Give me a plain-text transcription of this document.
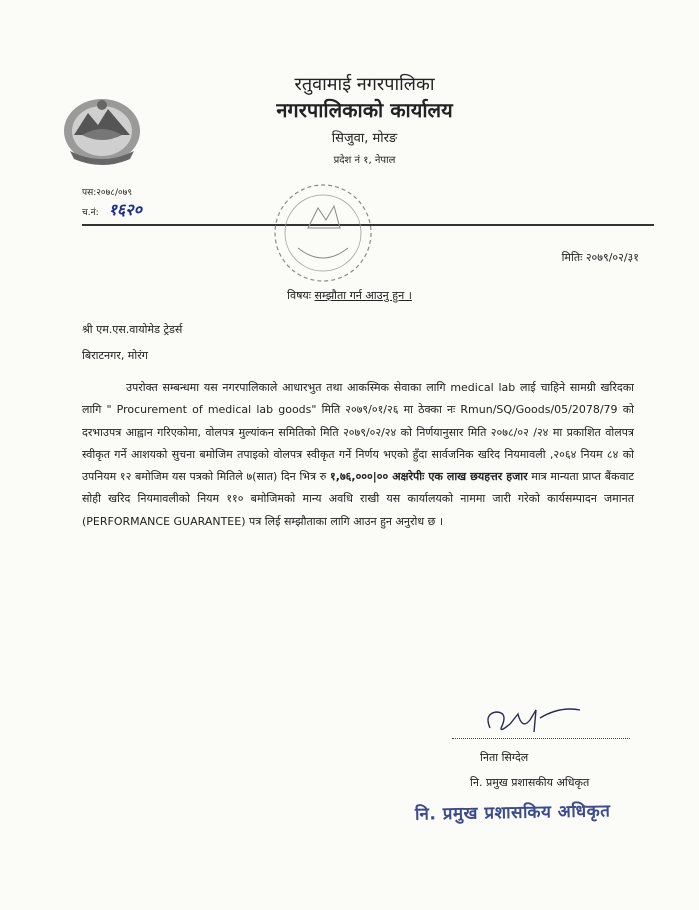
रतुवामाई नगरपालिका
नगरपालिकाको कार्यालय
सिजुवा, मोरङ
प्रदेश नं १, नेपाल
पस:२०७८/०७९
च.नं: १६२०
मितिः २०७९/०२/३१
विषयः सम्झौता गर्न आउनु हुन ।
श्री एम.एस.वायोमेड ट्रेडर्स
बिराटनगर, मोरंग
उपरोक्त सम्बन्धमा यस नगरपालिकाले आधारभुत तथा आकस्मिक सेवाका लागि medical lab लाई चाहिने सामग्री खरिदका लागि " Procurement of medical lab goods" मिति २०७९/०१/२६ मा ठेक्का नः Rmun/SQ/Goods/05/2078/79 को दरभाउपत्र आह्वान गरिएकोमा, वोलपत्र मुल्यांकन समितिको मिति २०७९/०२/२४ को निर्णयानुसार मिति २०७८/०२ /२४ मा प्रकाशित वोलपत्र स्वीकृत गर्ने आशयको सुचना बमोजिम तपाइको वोलपत्र स्वीकृत गर्ने निर्णय भएको हुँदा सार्वजनिक खरिद नियमावली ,२०६४ नियम ८४ को उपनियम १२ बमोजिम यस पत्रको मितिले ७(सात) दिन भित्र रु १,७६,०००|०० अक्षरेपीः एक लाख छयहत्तर हजार मात्र मान्यता प्राप्त बैंकवाट सोही खरिद नियमावलीको नियम ११० बमोजिमको मान्य अवधि राखी यस कार्यालयको नाममा जारी गरेको कार्यसम्पादन जमानत (PERFORMANCE GUARANTEE) पत्र लिई सम्झौताका लागि आउन हुन अनुरोध छ ।
निता सिग्देल
नि. प्रमुख प्रशासकीय अधिकृत
नि. प्रमुख प्रशासकिय अधिकृत
